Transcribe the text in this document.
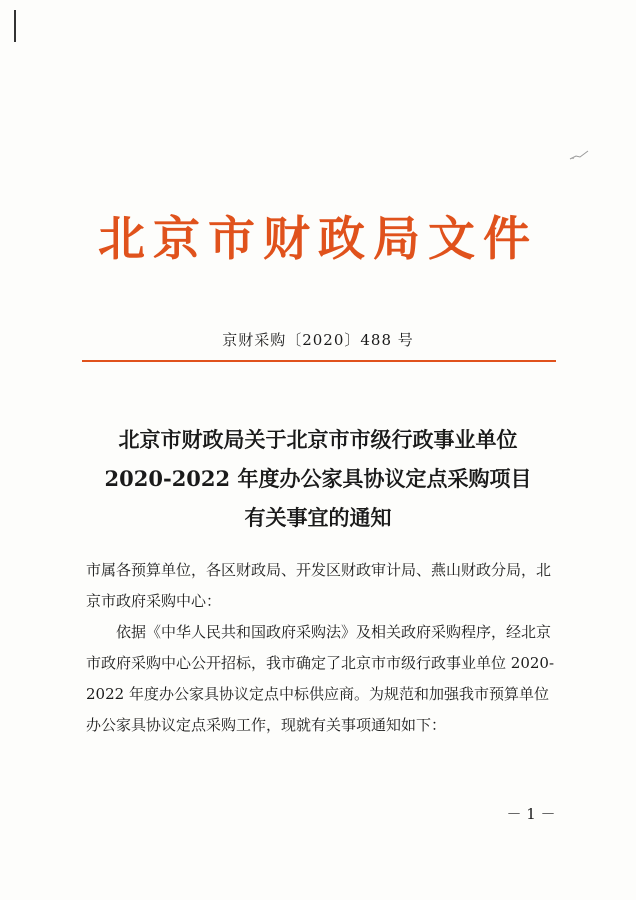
北京市财政局文件
京财采购〔2020〕488 号
北京市财政局关于北京市市级行政事业单位
2020-2022 年度办公家具协议定点采购项目
有关事宜的通知

市属各预算单位，各区财政局、开发区财政审计局、燕山财政分局，北京市政府采购中心：

依据《中华人民共和国政府采购法》及相关政府采购程序，经北京市政府采购中心公开招标，我市确定了北京市市级行政事业单位 2020-2022 年度办公家具协议定点中标供应商。为规范和加强我市预算单位办公家具协议定点采购工作，现就有关事项通知如下：

－ 1 －
